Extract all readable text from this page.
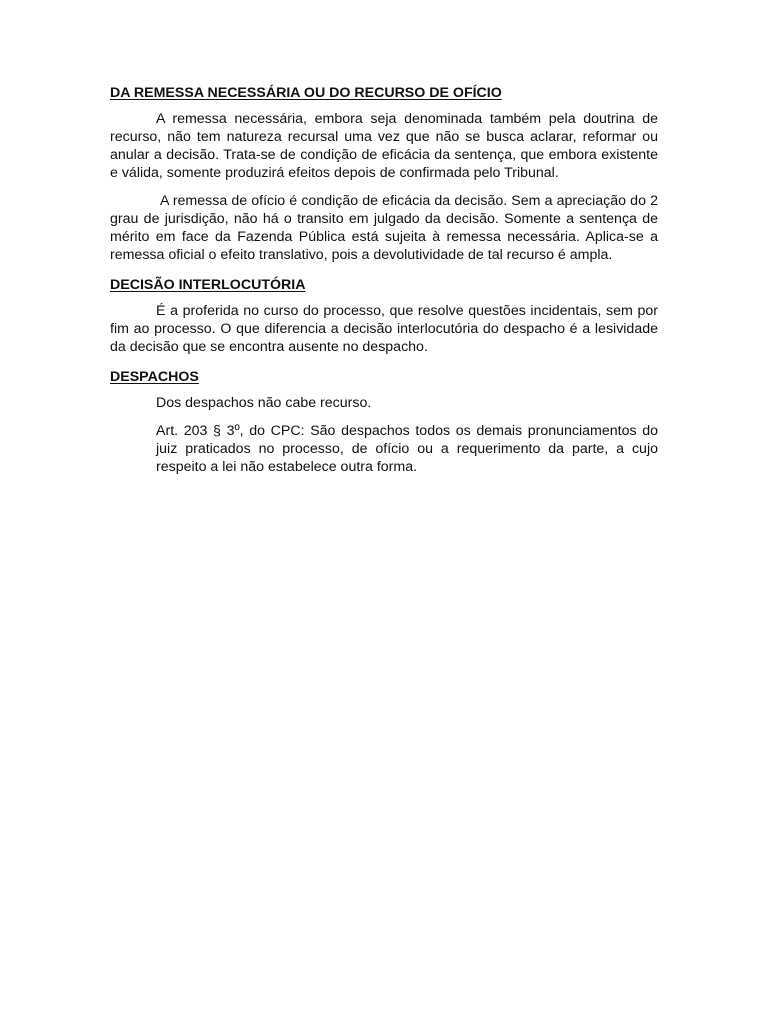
DA REMESSA NECESSÁRIA OU DO RECURSO DE OFÍCIO

A remessa necessária, embora seja denominada também pela doutrina de recurso, não tem natureza recursal uma vez que não se busca aclarar, reformar ou anular a decisão. Trata-se de condição de eficácia da sentença, que embora existente e válida, somente produzirá efeitos depois de confirmada pelo Tribunal.

A remessa de ofício é condição de eficácia da decisão. Sem a apreciação do 2 grau de jurisdição, não há o transito em julgado da decisão. Somente a sentença de mérito em face da Fazenda Pública está sujeita à remessa necessária. Aplica-se a remessa oficial o efeito translativo, pois a devolutividade de tal recurso é ampla.

DECISÃO INTERLOCUTÓRIA

É a proferida no curso do processo, que resolve questões incidentais, sem por fim ao processo. O que diferencia a decisão interlocutória do despacho é a lesividade da decisão que se encontra ausente no despacho.

DESPACHOS

Dos despachos não cabe recurso.

Art. 203 § 3º, do CPC: São despachos todos os demais pronunciamentos do juiz praticados no processo, de ofício ou a requerimento da parte, a cujo respeito a lei não estabelece outra forma.
